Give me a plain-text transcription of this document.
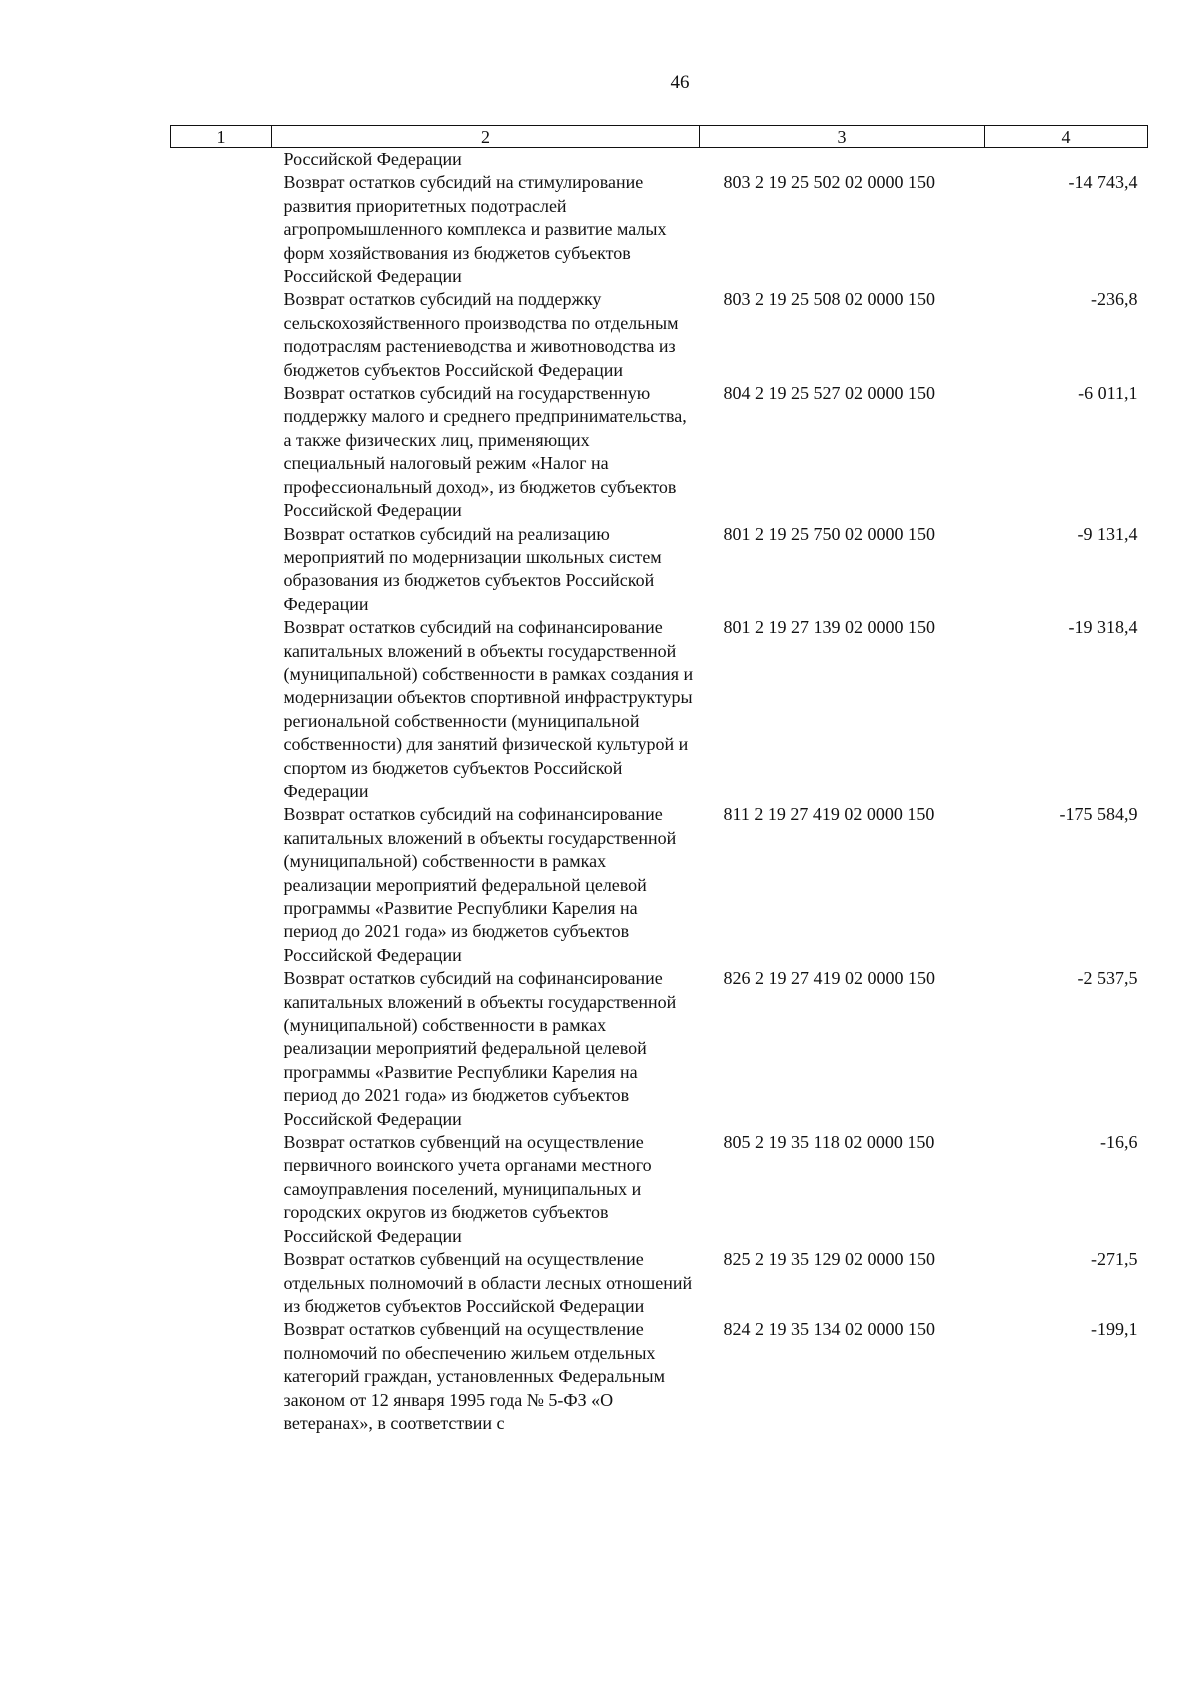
46
1	2	3	4
	Российской Федерации		
	Возврат остатков субсидий на стимулирование развития приоритетных подотраслей агропромышленного комплекса и развитие малых форм хозяйствования из бюджетов субъектов Российской Федерации	803 2 19 25 502 02 0000 150	-14 743,4
	Возврат остатков субсидий на поддержку сельскохозяйственного производства по отдельным подотраслям растениеводства и животноводства из бюджетов субъектов Российской Федерации	803 2 19 25 508 02 0000 150	-236,8
	Возврат остатков субсидий на государственную поддержку малого и среднего предпринимательства, а также физических лиц, применяющих специальный налоговый режим «Налог на профессиональный доход», из бюджетов субъектов Российской Федерации	804 2 19 25 527 02 0000 150	-6 011,1
	Возврат остатков субсидий на реализацию мероприятий по модернизации школьных систем образования из бюджетов субъектов Российской Федерации	801 2 19 25 750 02 0000 150	-9 131,4
	Возврат остатков субсидий на софинансирование капитальных вложений в объекты государственной (муниципальной) собственности в рамках создания и модернизации объектов спортивной инфраструктуры региональной собственности (муниципальной собственности) для занятий физической культурой и спортом из бюджетов субъектов Российской Федерации	801 2 19 27 139 02 0000 150	-19 318,4
	Возврат остатков субсидий на софинансирование капитальных вложений в объекты государственной (муниципальной) собственности в рамках реализации мероприятий федеральной целевой программы «Развитие Республики Карелия на период до 2021 года» из бюджетов субъектов Российской Федерации	811 2 19 27 419 02 0000 150	-175 584,9
	Возврат остатков субсидий на софинансирование капитальных вложений в объекты государственной (муниципальной) собственности в рамках реализации мероприятий федеральной целевой программы «Развитие Республики Карелия на период до 2021 года» из бюджетов субъектов Российской Федерации	826 2 19 27 419 02 0000 150	-2 537,5
	Возврат остатков субвенций на осуществление первичного воинского учета органами местного самоуправления поселений, муниципальных и городских округов из бюджетов субъектов Российской Федерации	805 2 19 35 118 02 0000 150	-16,6
	Возврат остатков субвенций на осуществление отдельных полномочий в области лесных отношений из бюджетов субъектов Российской Федерации	825 2 19 35 129 02 0000 150	-271,5
	Возврат остатков субвенций на осуществление полномочий по обеспечению жильем отдельных категорий граждан, установленных Федеральным законом от 12 января 1995 года № 5-ФЗ «О ветеранах», в соответствии с	824 2 19 35 134 02 0000 150	-199,1
